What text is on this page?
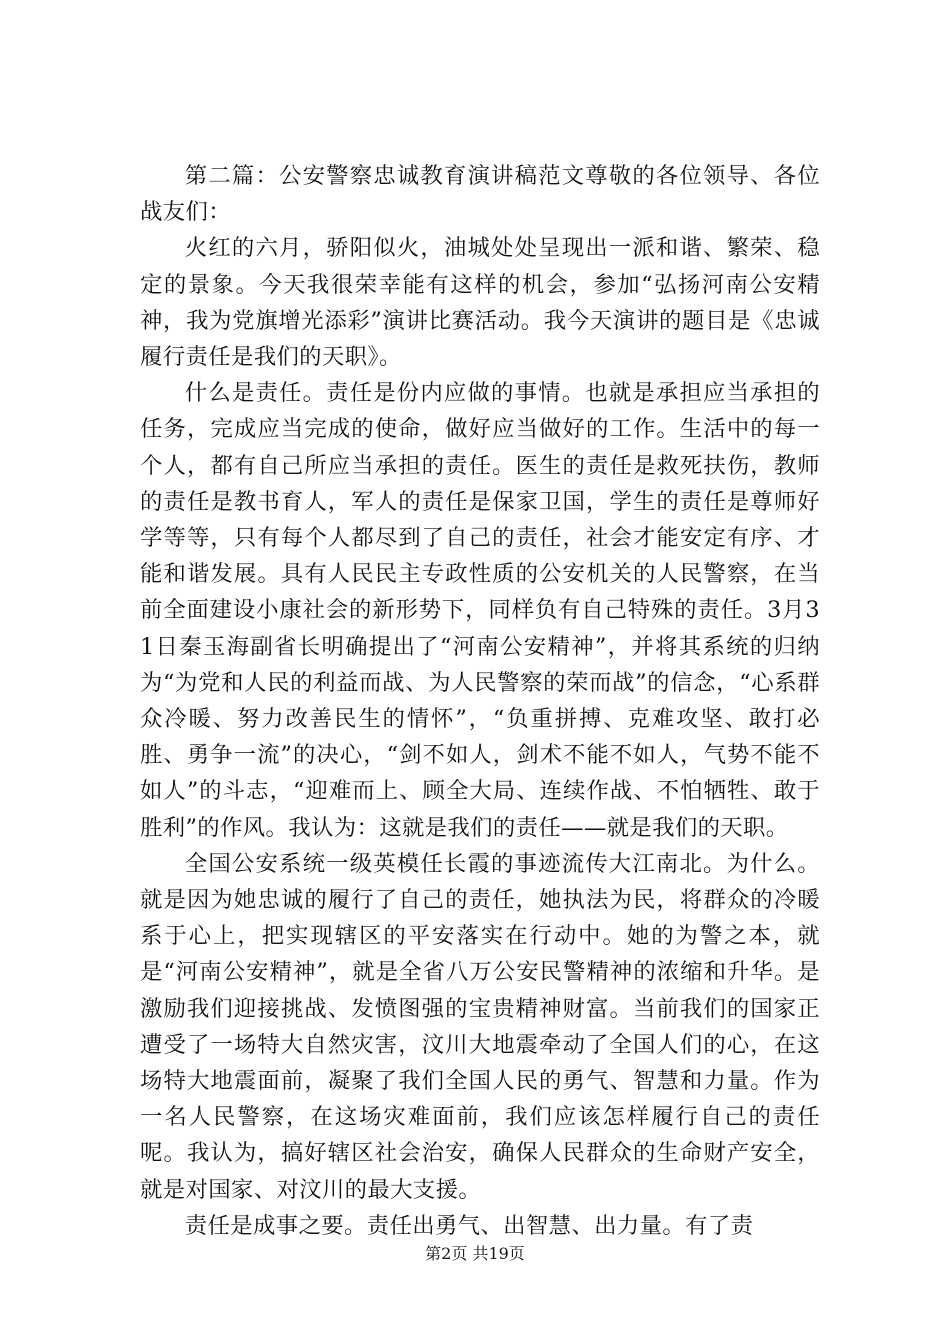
第二篇：公安警察忠诚教育演讲稿范文尊敬的各位领导、各位战友们：

火红的六月，骄阳似火，油城处处呈现出一派和谐、繁荣、稳定的景象。今天我很荣幸能有这样的机会，参加“弘扬河南公安精神，我为党旗增光添彩”演讲比赛活动。我今天演讲的题目是《忠诚履行责任是我们的天职》。

什么是责任。责任是份内应做的事情。也就是承担应当承担的任务，完成应当完成的使命，做好应当做好的工作。生活中的每一个人，都有自己所应当承担的责任。医生的责任是救死扶伤，教师的责任是教书育人，军人的责任是保家卫国，学生的责任是尊师好学等等，只有每个人都尽到了自己的责任，社会才能安定有序、才能和谐发展。具有人民民主专政性质的公安机关的人民警察，在当前全面建设小康社会的新形势下，同样负有自己特殊的责任。3月31日秦玉海副省长明确提出了“河南公安精神”，并将其系统的归纳为“为党和人民的利益而战、为人民警察的荣而战”的信念，“心系群众冷暖、努力改善民生的情怀”，“负重拼搏、克难攻坚、敢打必胜、勇争一流”的决心，“剑不如人，剑术不能不如人，气势不能不如人”的斗志，“迎难而上、顾全大局、连续作战、不怕牺牲、敢于胜利”的作风。我认为：这就是我们的责任——就是我们的天职。

全国公安系统一级英模任长霞的事迹流传大江南北。为什么。就是因为她忠诚的履行了自己的责任，她执法为民，将群众的冷暖系于心上，把实现辖区的平安落实在行动中。她的为警之本，就是“河南公安精神”，就是全省八万公安民警精神的浓缩和升华。是激励我们迎接挑战、发愤图强的宝贵精神财富。当前我们的国家正遭受了一场特大自然灾害，汶川大地震牵动了全国人们的心，在这场特大地震面前，凝聚了我们全国人民的勇气、智慧和力量。作为一名人民警察，在这场灾难面前，我们应该怎样履行自己的责任呢。我认为，搞好辖区社会治安，确保人民群众的生命财产安全，就是对国家、对汶川的最大支援。

责任是成事之要。责任出勇气、出智慧、出力量。有了责

第2页 共19页
